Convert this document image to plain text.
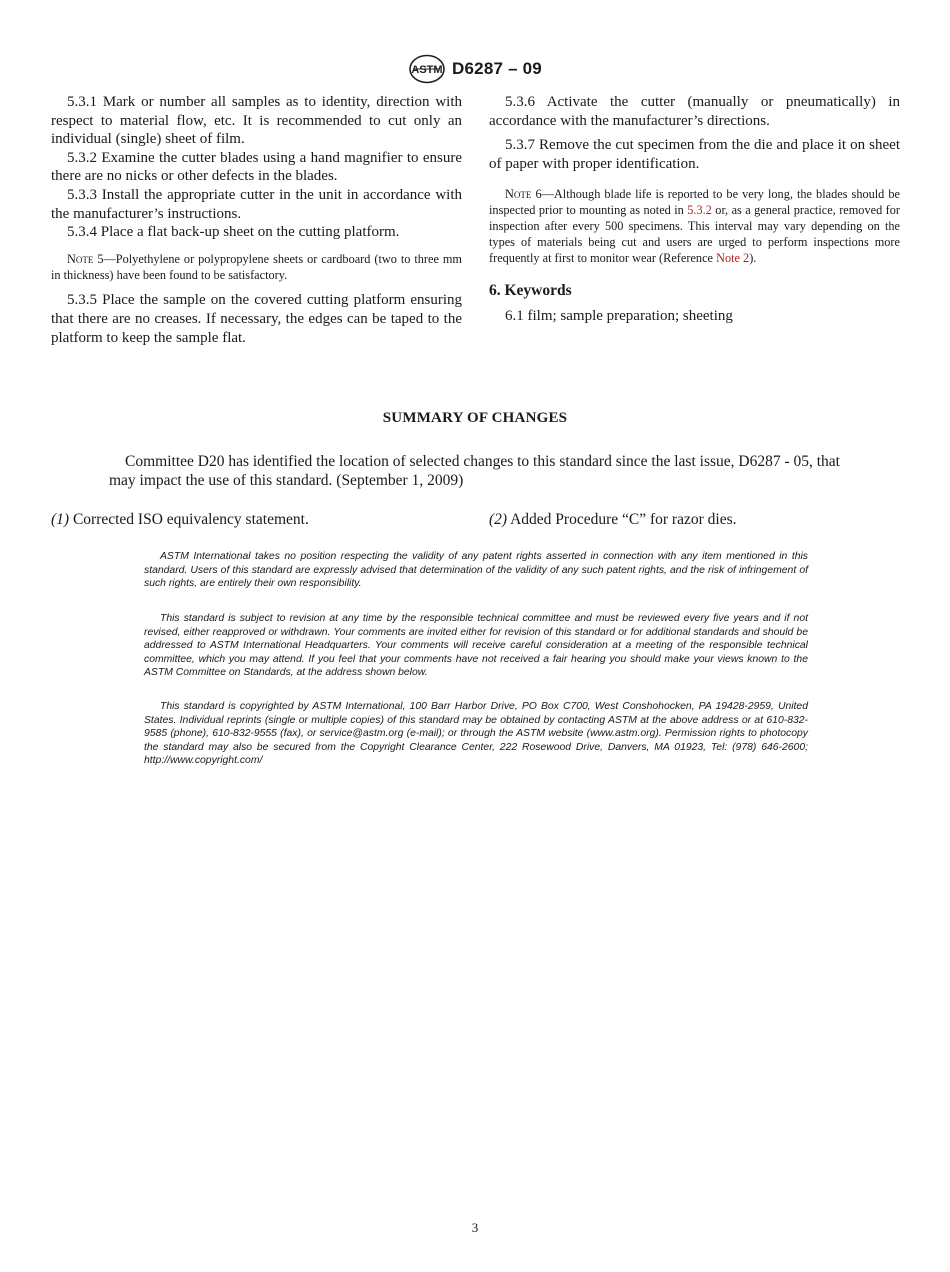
ASTM D6287 – 09

5.3.1 Mark or number all samples as to identity, direction with respect to material flow, etc. It is recommended to cut only an individual (single) sheet of film.

5.3.2 Examine the cutter blades using a hand magnifier to ensure there are no nicks or other defects in the blades.

5.3.3 Install the appropriate cutter in the unit in accordance with the manufacturer’s instructions.

5.3.4 Place a flat back-up sheet on the cutting platform.

Note 5—Polyethylene or polypropylene sheets or cardboard (two to three mm in thickness) have been found to be satisfactory.

5.3.5 Place the sample on the covered cutting platform ensuring that there are no creases. If necessary, the edges can be taped to the platform to keep the sample flat.

5.3.6 Activate the cutter (manually or pneumatically) in accordance with the manufacturer’s directions.

5.3.7 Remove the cut specimen from the die and place it on sheet of paper with proper identification.

Note 6—Although blade life is reported to be very long, the blades should be inspected prior to mounting as noted in 5.3.2 or, as a general practice, removed for inspection after every 500 specimens. This interval may vary depending on the types of materials being cut and users are urged to perform inspections more frequently at first to monitor wear (Reference Note 2).
6. Keywords

6.1 film; sample preparation; sheeting

SUMMARY OF CHANGES
Committee D20 has identified the location of selected changes to this standard since the last issue, D6287 - 05, that may impact the use of this standard. (September 1, 2009)
(1) Corrected ISO equivalency statement.	(2) Added Procedure “C” for razor dies.
ASTM International takes no position respecting the validity of any patent rights asserted in connection with any item mentioned in this standard. Users of this standard are expressly advised that determination of the validity of any such patent rights, and the risk of infringement of such rights, are entirely their own responsibility.
This standard is subject to revision at any time by the responsible technical committee and must be reviewed every five years and if not revised, either reapproved or withdrawn. Your comments are invited either for revision of this standard or for additional standards and should be addressed to ASTM International Headquarters. Your comments will receive careful consideration at a meeting of the responsible technical committee, which you may attend. If you feel that your comments have not received a fair hearing you should make your views known to the ASTM Committee on Standards, at the address shown below.
This standard is copyrighted by ASTM International, 100 Barr Harbor Drive, PO Box C700, West Conshohocken, PA 19428-2959, United States. Individual reprints (single or multiple copies) of this standard may be obtained by contacting ASTM at the above address or at 610-832-9585 (phone), 610-832-9555 (fax), or service@astm.org (e-mail); or through the ASTM website (www.astm.org). Permission rights to photocopy the standard may also be secured from the Copyright Clearance Center, 222 Rosewood Drive, Danvers, MA 01923, Tel: (978) 646-2600; http://www.copyright.com/
3
